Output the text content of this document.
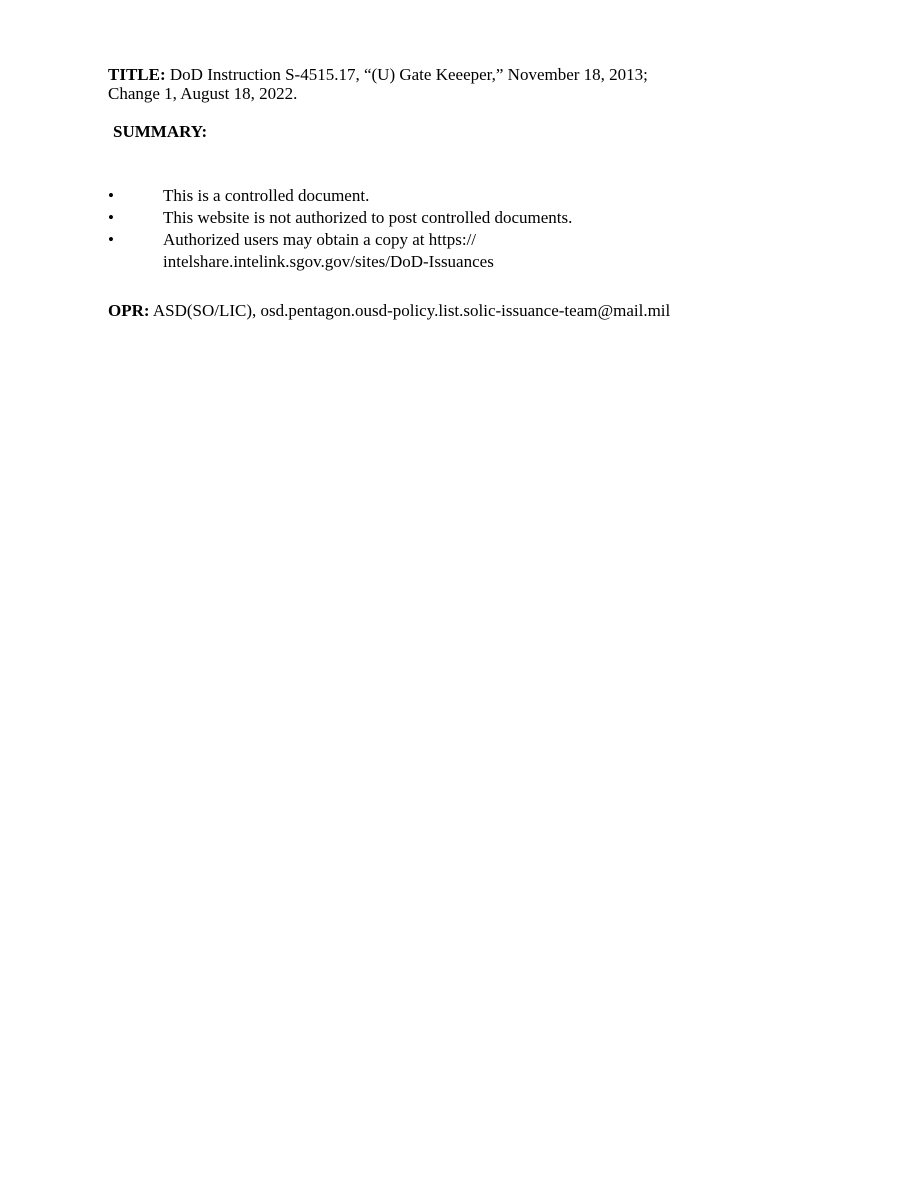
TITLE: DoD Instruction S-4515.17, “(U) Gate Keeeper,” November 18, 2013;
Change 1, August 18, 2022.
SUMMARY:
•	This is a controlled document.
•	This website is not authorized to post controlled documents.
•	Authorized users may obtain a copy at https://
intelshare.intelink.sgov.gov/sites/DoD-Issuances
OPR: ASD(SO/LIC), osd.pentagon.ousd-policy.list.solic-issuance-team@mail.mil
